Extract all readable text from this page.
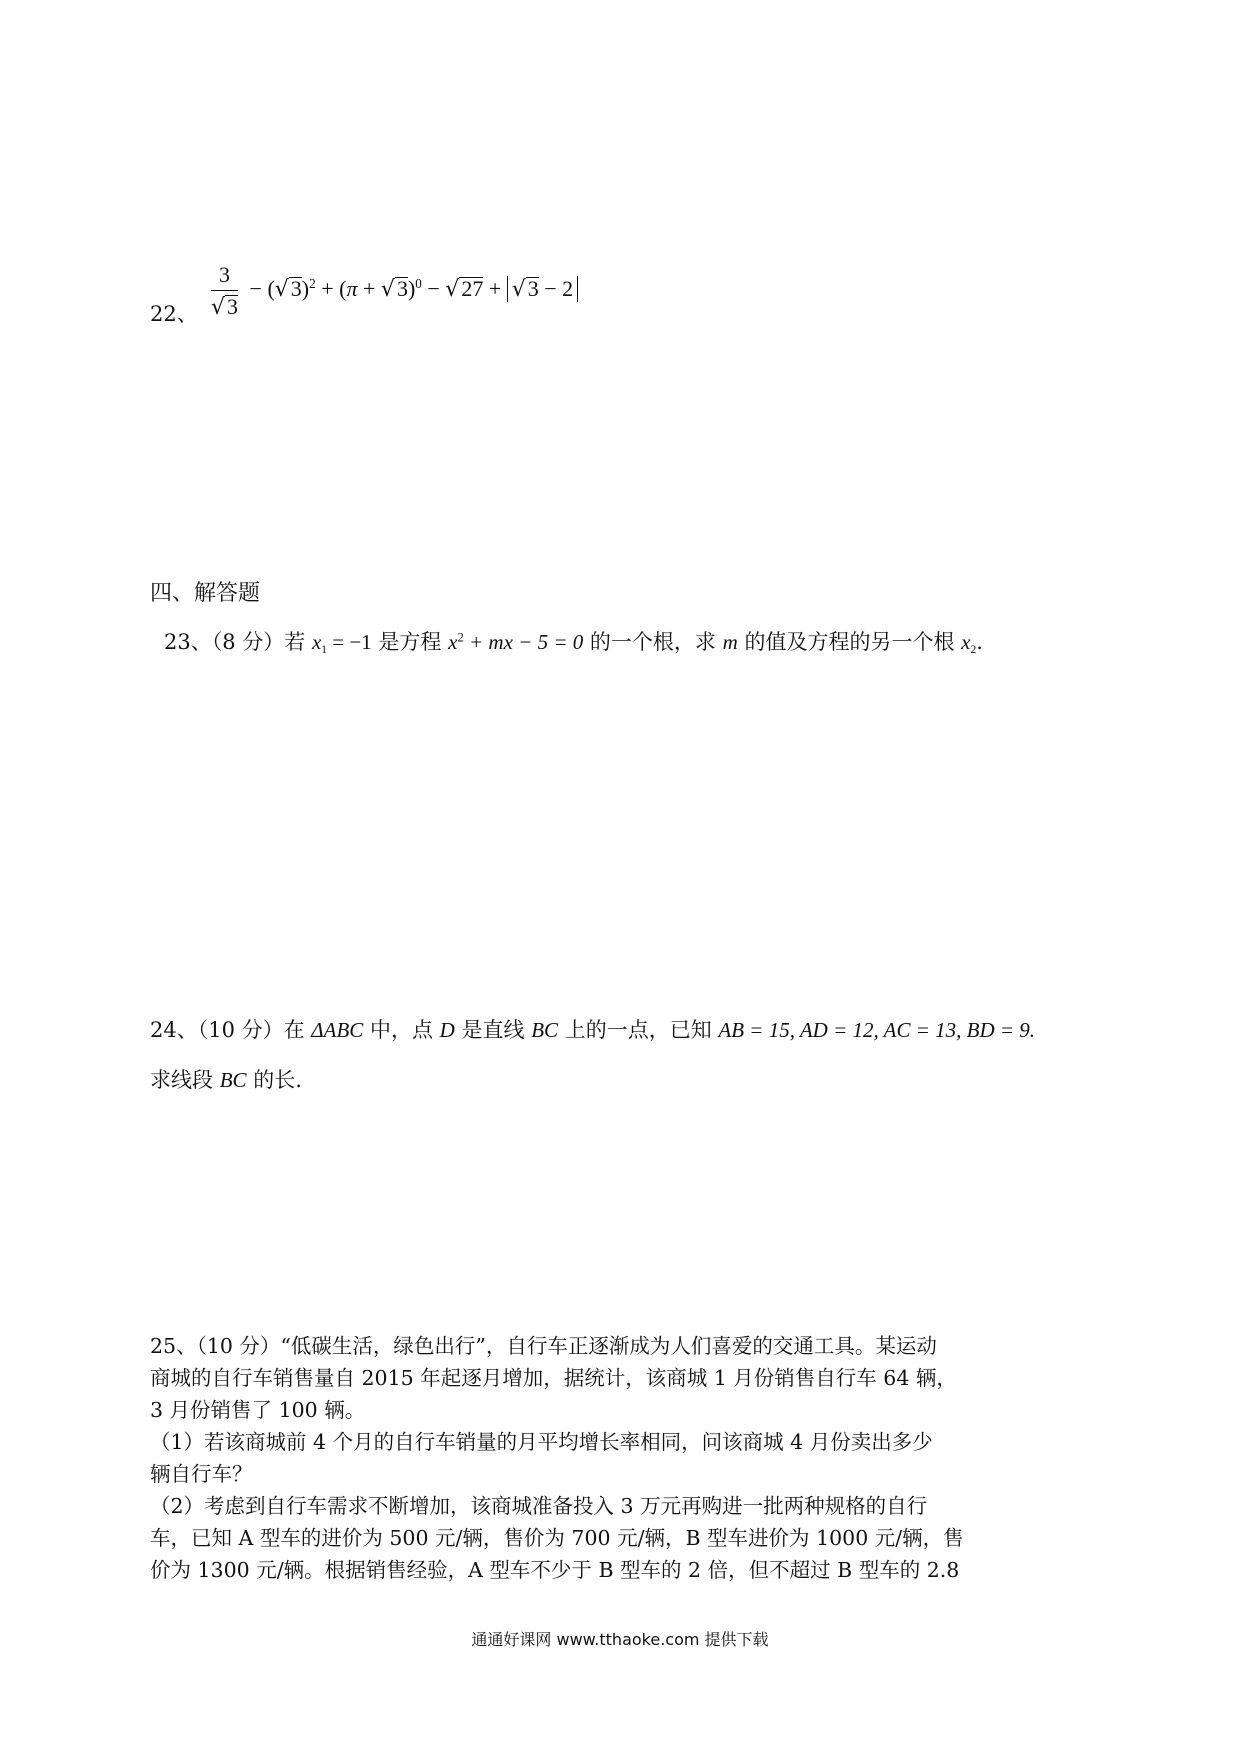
22、 $\frac{3}{√3} - (√3)^2 + (\pi + √3)^0 - √27 + √3 - 2$
四、解答题
23、（8 分）若 $x_1 = -1$ 是方程 $x^2$ + mx − 5 = 0 的一个根，求 m 的值及方程的另一个根 $x_2$.
24、（10 分）在 ΔABC 中，点 D 是直线 BC 上的一点，已知 AB = 15, AD = 12, AC = 13, BD = 9.
求线段 BC 的长.

25、（10 分）“低碳生活，绿色出行”，自行车正逐渐成为人们喜爱的交通工具。某运动

商城的自行车销售量自 2015 年起逐月增加，据统计，该商城 1 月份销售自行车 64 辆，

3 月份销售了 100 辆。

（1）若该商城前 4 个月的自行车销量的月平均增长率相同，问该商城 4 月份卖出多少

辆自行车？

（2）考虑到自行车需求不断增加，该商城准备投入 3 万元再购进一批两种规格的自行

车，已知 A 型车的进价为 500 元/辆，售价为 700 元/辆，B 型车进价为 1000 元/辆，售

价为 1300 元/辆。根据销售经验，A 型车不少于 B 型车的 2 倍，但不超过 B 型车的 2.8

通通好课网 www.tthaoke.com 提供下载
